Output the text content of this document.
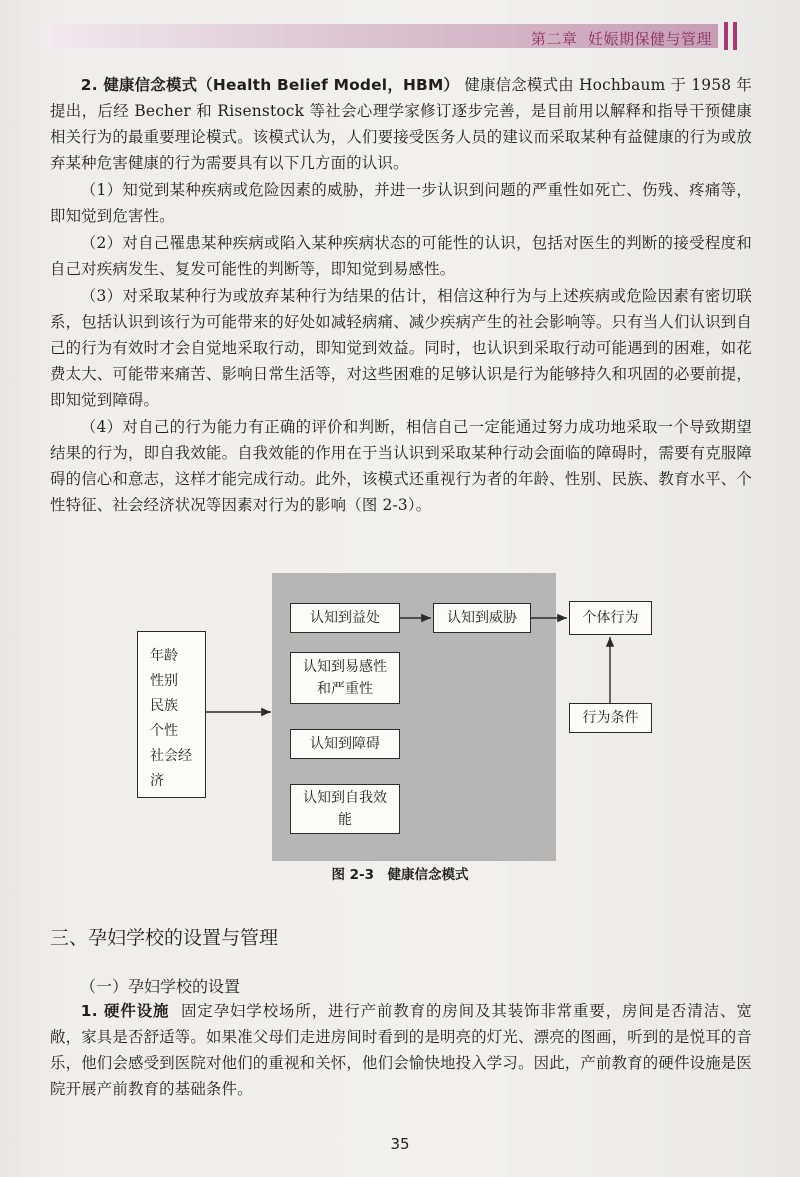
第二章 妊娠期保健与管理

2. 健康信念模式（Health Belief Model，HBM） 健康信念模式由 Hochbaum 于 1958 年提出，后经 Becher 和 Risenstock 等社会心理学家修订逐步完善，是目前用以解释和指导干预健康相关行为的最重要理论模式。该模式认为，人们要接受医务人员的建议而采取某种有益健康的行为或放弃某种危害健康的行为需要具有以下几方面的认识。

（1）知觉到某种疾病或危险因素的威胁，并进一步认识到问题的严重性如死亡、伤残、疼痛等，即知觉到危害性。

（2）对自己罹患某种疾病或陷入某种疾病状态的可能性的认识，包括对医生的判断的接受程度和自己对疾病发生、复发可能性的判断等，即知觉到易感性。

（3）对采取某种行为或放弃某种行为结果的估计，相信这种行为与上述疾病或危险因素有密切联系，包括认识到该行为可能带来的好处如减轻病痛、减少疾病产生的社会影响等。只有当人们认识到自己的行为有效时才会自觉地采取行动，即知觉到效益。同时，也认识到采取行动可能遇到的困难，如花费太大、可能带来痛苦、影响日常生活等，对这些困难的足够认识是行为能够持久和巩固的必要前提，即知觉到障碍。

（4）对自己的行为能力有正确的评价和判断，相信自己一定能通过努力成功地采取一个导致期望结果的行为，即自我效能。自我效能的作用在于当认识到采取某种行动会面临的障碍时，需要有克服障碍的信心和意志，这样才能完成行动。此外，该模式还重视行为者的年龄、性别、民族、教育水平、个性特征、社会经济状况等因素对行为的影响（图 2-3）。

年龄
性别
民族
个性
社会经济
认知到益处
认知到易感性和严重性
认知到障碍
认知到自我效能
认知到威胁	个体行为
行为条件
图 2-3　健康信念模式
三、孕妇学校的设置与管理
（一）孕妇学校的设置

1. 硬件设施 固定孕妇学校场所，进行产前教育的房间及其装饰非常重要，房间是否清洁、宽敞，家具是否舒适等。如果准父母们走进房间时看到的是明亮的灯光、漂亮的图画，听到的是悦耳的音乐，他们会感受到医院对他们的重视和关怀，他们会愉快地投入学习。因此，产前教育的硬件设施是医院开展产前教育的基础条件。

35
